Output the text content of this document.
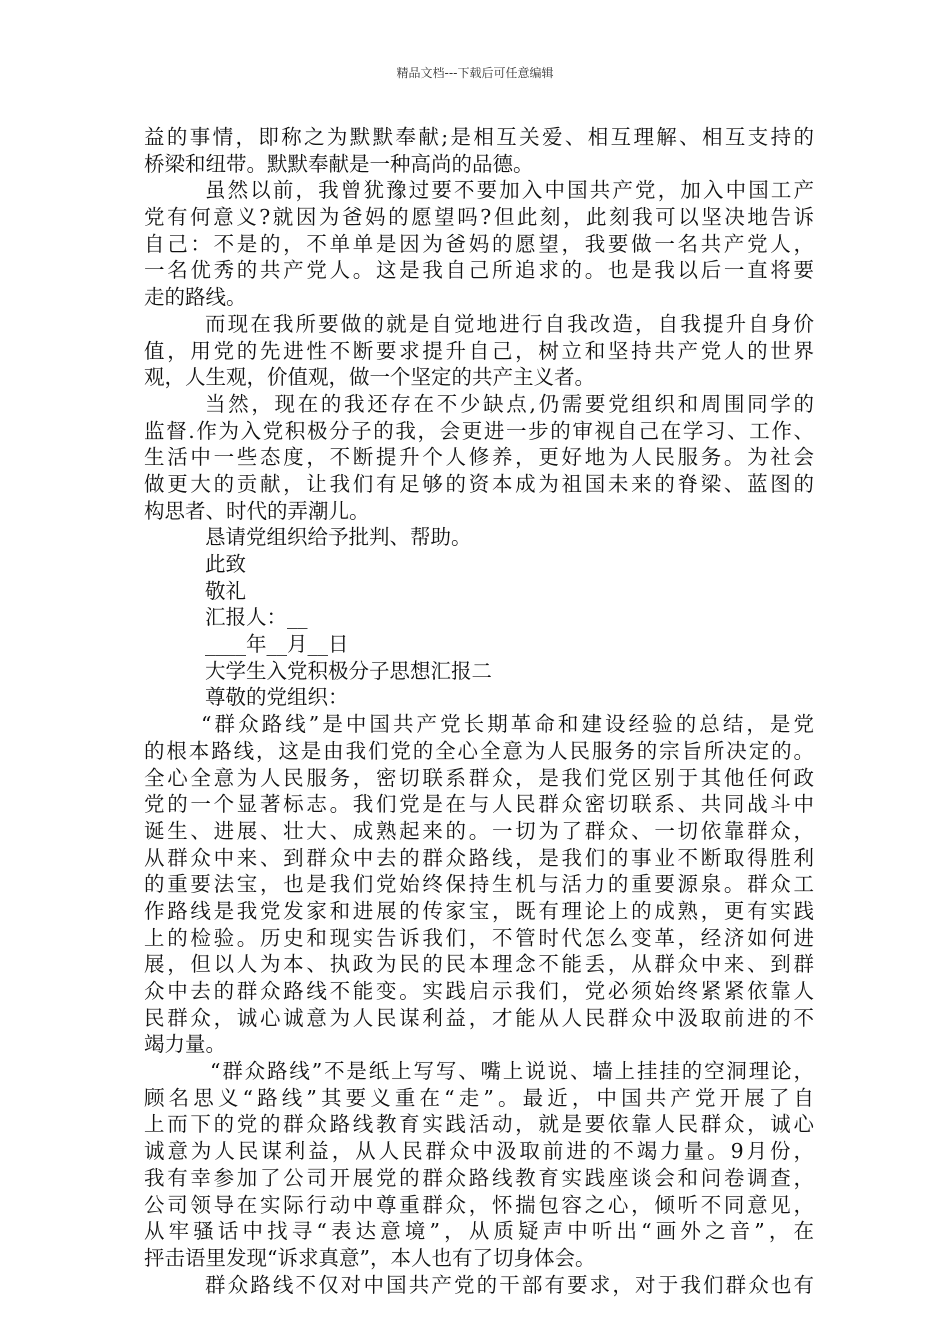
精品文档---下载后可任意编辑
益的事情，即称之为默默奉献;是相互关爱、相互理解、相互支持的
桥梁和纽带。默默奉献是一种高尚的品德。
虽然以前，我曾犹豫过要不要加入中国共产党，加入中国工产
党有何意义?就因为爸妈的愿望吗?但此刻，此刻我可以坚决地告诉
自己：不是的，不单单是因为爸妈的愿望，我要做一名共产党人，
一名优秀的共产党人。这是我自己所追求的。也是我以后一直将要
走的路线。
而现在我所要做的就是自觉地进行自我改造，自我提升自身价
值，用党的先进性不断要求提升自己，树立和坚持共产党人的世界
观，人生观，价值观，做一个坚定的共产主义者。
当然，现在的我还存在不少缺点,仍需要党组织和周围同学的
监督.作为入党积极分子的我，会更进一步的审视自己在学习、工作、
生活中一些态度，不断提升个人修养，更好地为人民服务。为社会
做更大的贡献，让我们有足够的资本成为祖国未来的脊梁、蓝图的
构思者、时代的弄潮儿。
恳请党组织给予批判、帮助。
此致
敬礼
汇报人：__
____年__月__日
大学生入党积极分子思想汇报二
尊敬的党组织：
“群众路线”是中国共产党长期革命和建设经验的总结，是党
的根本路线，这是由我们党的全心全意为人民服务的宗旨所决定的。
全心全意为人民服务，密切联系群众，是我们党区别于其他任何政
党的一个显著标志。我们党是在与人民群众密切联系、共同战斗中
诞生、进展、壮大、成熟起来的。一切为了群众、一切依靠群众，
从群众中来、到群众中去的群众路线，是我们的事业不断取得胜利
的重要法宝，也是我们党始终保持生机与活力的重要源泉。群众工
作路线是我党发家和进展的传家宝，既有理论上的成熟，更有实践
上的检验。历史和现实告诉我们，不管时代怎么变革，经济如何进
展，但以人为本、执政为民的民本理念不能丢，从群众中来、到群
众中去的群众路线不能变。实践启示我们，党必须始终紧紧依靠人
民群众，诚心诚意为人民谋利益，才能从人民群众中汲取前进的不
竭力量。
“群众路线”不是纸上写写、嘴上说说、墙上挂挂的空洞理论，
顾名思义“路线”其要义重在“走”。最近，中国共产党开展了自
上而下的党的群众路线教育实践活动，就是要依靠人民群众，诚心
诚意为人民谋利益，从人民群众中汲取前进的不竭力量。9月份，
我有幸参加了公司开展党的群众路线教育实践座谈会和问卷调查，
公司领导在实际行动中尊重群众，怀揣包容之心，倾听不同意见，
从牢骚话中找寻“表达意境”，从质疑声中听出“画外之音”，在
抨击语里发现“诉求真意”，本人也有了切身体会。
群众路线不仅对中国共产党的干部有要求，对于我们群众也有
